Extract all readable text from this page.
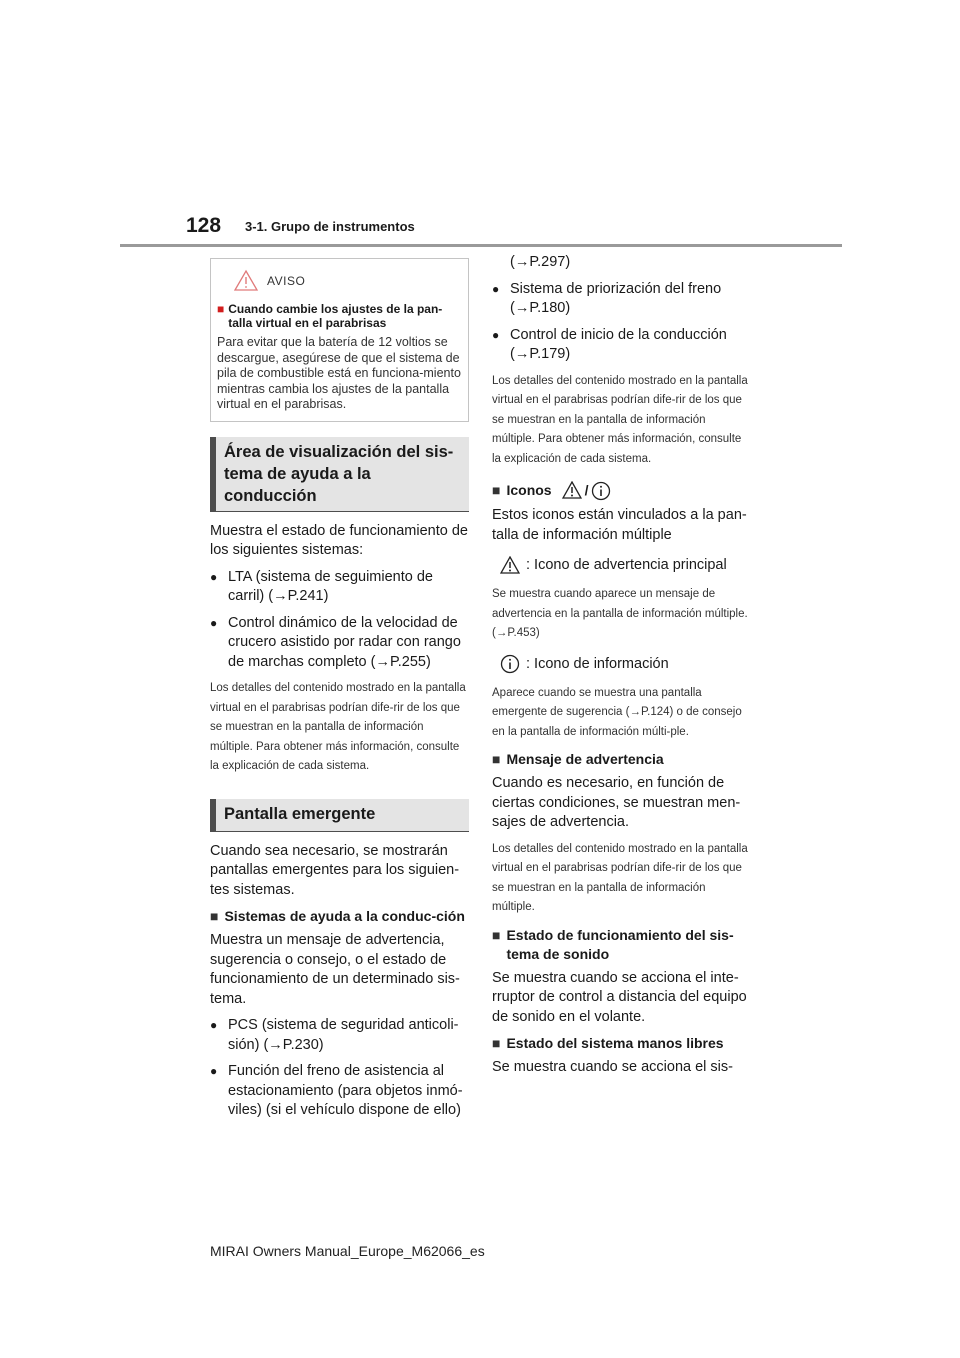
128 3-1. Grupo de instrumentos
AVISO
■ Cuando cambie los ajustes de la pan-talla virtual en el parabrisas
Para evitar que la batería de 12 voltios se descargue, asegúrese de que el sistema de pila de combustible está en funciona-miento mientras cambia los ajustes de la pantalla virtual en el parabrisas.
Área de visualización del sis-tema de ayuda a la conducción

Muestra el estado de funcionamiento de los siguientes sistemas:

● LTA (sistema de seguimiento de carril) (→P.241)
● Control dinámico de la velocidad de crucero asistido por radar con rango de marchas completo (→P.255)

Los detalles del contenido mostrado en la pantalla virtual en el parabrisas podrían dife-rir de los que se muestran en la pantalla de información múltiple. Para obtener más información, consulte la explicación de cada sistema.

Pantalla emergente

Cuando sea necesario, se mostrarán pantallas emergentes para los siguien-tes sistemas.

■ Sistemas de ayuda a la conduc-ción

Muestra un mensaje de advertencia, sugerencia o consejo, o el estado de funcionamiento de un determinado sis-tema.

● PCS (sistema de seguridad anticoli-sión) (→P.230)
● Función del freno de asistencia al estacionamiento (para objetos inmó-viles) (si el vehículo dispone de ello)

(→P.297)

● Sistema de priorización del freno (→P.180)
● Control de inicio de la conducción (→P.179)

Los detalles del contenido mostrado en la pantalla virtual en el parabrisas podrían dife-rir de los que se muestran en la pantalla de información múltiple. Para obtener más información, consulte la explicación de cada sistema.

■ Iconos /

Estos iconos están vinculados a la pan-talla de información múltiple

: Icono de advertencia principal

Se muestra cuando aparece un mensaje de advertencia en la pantalla de información múltiple. (→P.453)

: Icono de información

Aparece cuando se muestra una pantalla emergente de sugerencia (→P.124) o de consejo en la pantalla de información múlti-ple.

■ Mensaje de advertencia

Cuando es necesario, en función de ciertas condiciones, se muestran men-sajes de advertencia.

Los detalles del contenido mostrado en la pantalla virtual en el parabrisas podrían dife-rir de los que se muestran en la pantalla de información múltiple.

■ Estado de funcionamiento del sis-tema de sonido

Se muestra cuando se acciona el inte-rruptor de control a distancia del equipo de sonido en el volante.

■ Estado del sistema manos libres

Se muestra cuando se acciona el sis-

MIRAI Owners Manual_Europe_M62066_es
